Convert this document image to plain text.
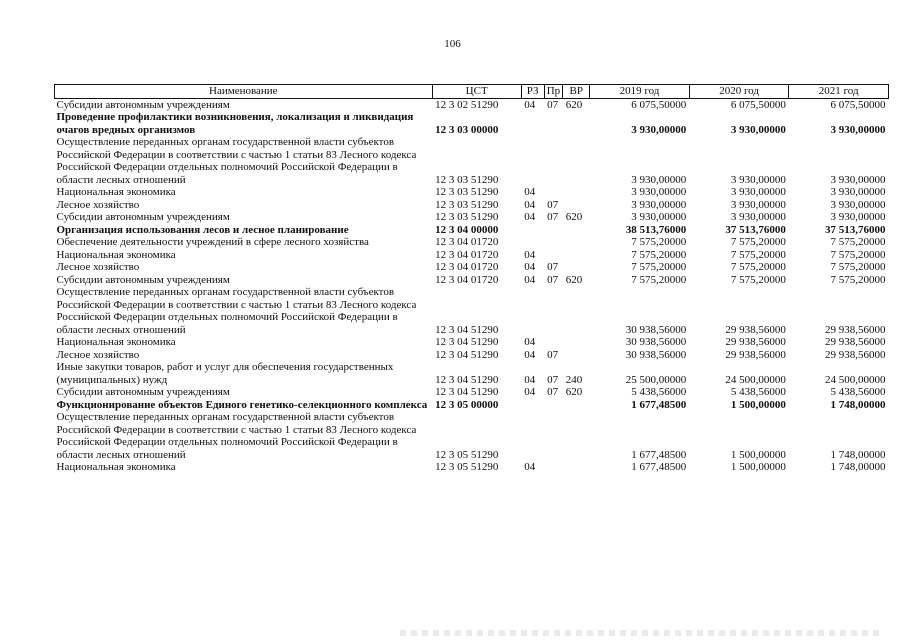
106
Наименование	ЦСТ	РЗ	Пр	ВР	2019 год	2020 год	2021 год
Субсидии автономным учреждениям	12 3 02 51290	04	07	620	6 075,50000	6 075,50000	6 075,50000
Проведение профилактики возникновения, локализация и ликвидация очагов вредных организмов	12 3 03 00000				3 930,00000	3 930,00000	3 930,00000
Осуществление переданных органам государственной власти субъектов Российской Федерации в соответствии с частью 1 статьи 83 Лесного кодекса Российской Федерации отдельных полномочий Российской Федерации в области лесных отношений	12 3 03 51290				3 930,00000	3 930,00000	3 930,00000
Национальная экономика	12 3 03 51290	04			3 930,00000	3 930,00000	3 930,00000
Лесное хозяйство	12 3 03 51290	04	07		3 930,00000	3 930,00000	3 930,00000
Субсидии автономным учреждениям	12 3 03 51290	04	07	620	3 930,00000	3 930,00000	3 930,00000
Организация использования лесов и лесное планирование	12 3 04 00000				38 513,76000	37 513,76000	37 513,76000
Обеспечение деятельности учреждений в сфере лесного хозяйства	12 3 04 01720				7 575,20000	7 575,20000	7 575,20000
Национальная экономика	12 3 04 01720	04			7 575,20000	7 575,20000	7 575,20000
Лесное хозяйство	12 3 04 01720	04	07		7 575,20000	7 575,20000	7 575,20000
Субсидии автономным учреждениям	12 3 04 01720	04	07	620	7 575,20000	7 575,20000	7 575,20000
Осуществление переданных органам государственной власти субъектов Российской Федерации в соответствии с частью 1 статьи 83 Лесного кодекса Российской Федерации отдельных полномочий Российской Федерации в области лесных отношений	12 3 04 51290				30 938,56000	29 938,56000	29 938,56000
Национальная экономика	12 3 04 51290	04			30 938,56000	29 938,56000	29 938,56000
Лесное хозяйство	12 3 04 51290	04	07		30 938,56000	29 938,56000	29 938,56000
Иные закупки товаров, работ и услуг для обеспечения государственных (муниципальных) нужд	12 3 04 51290	04	07	240	25 500,00000	24 500,00000	24 500,00000
Субсидии автономным учреждениям	12 3 04 51290	04	07	620	5 438,56000	5 438,56000	5 438,56000
Функционирование объектов Единого генетико-селекционного комплекса	12 3 05 00000				1 677,48500	1 500,00000	1 748,00000
Осуществление переданных органам государственной власти субъектов Российской Федерации в соответствии с частью 1 статьи 83 Лесного кодекса Российской Федерации отдельных полномочий Российской Федерации в области лесных отношений	12 3 05 51290				1 677,48500	1 500,00000	1 748,00000
Национальная экономика	12 3 05 51290	04			1 677,48500	1 500,00000	1 748,00000
